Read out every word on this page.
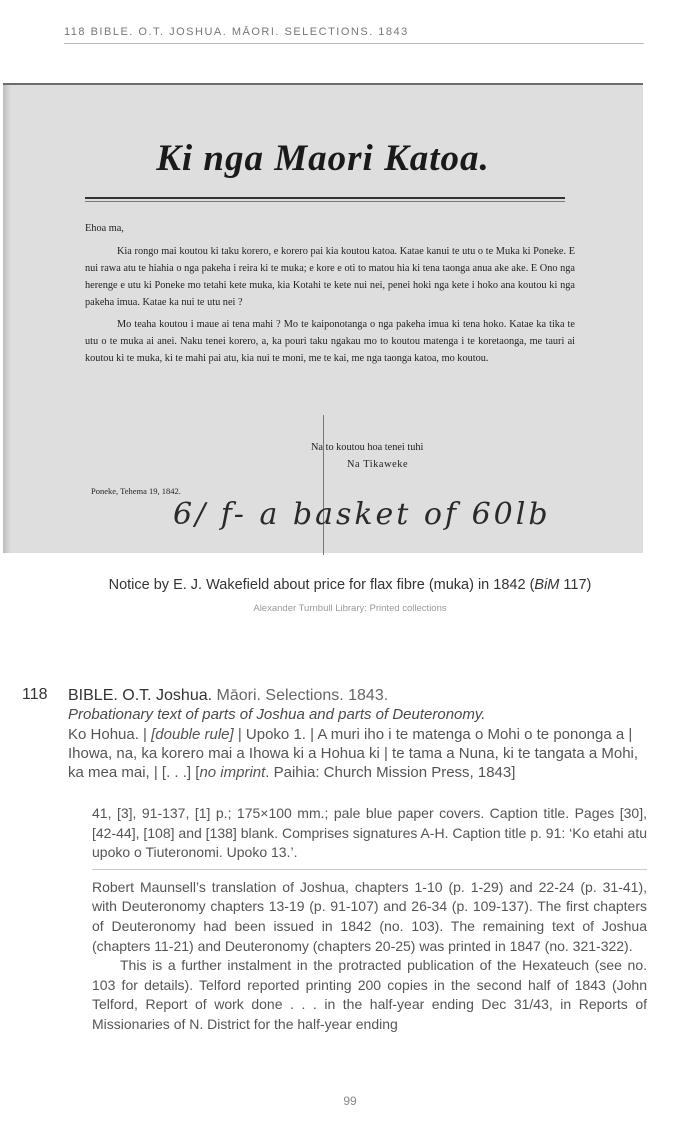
118 BIBLE. O.T. JOSHUA. MĀORI. SELECTIONS. 1843
Ki nga Maori Katoa.

Ehoa ma,

Kia rongo mai koutou ki taku korero, e korero pai kia koutou katoa. Katae kanui te utu o te Muka ki Poneke. E nui rawa atu te hiahia o nga pakeha i reira ki te muka; e kore e oti to matou hia ki tena taonga anua ake ake. E Ono nga herenge e utu ki Poneke mo tetahi kete muka, kia Kotahi te kete nui nei, penei hoki nga kete i hoko ana koutou ki nga pakeha imua. Katae ka nui te utu nei ?

Mo teaha koutou i mauе ai tena mahi ? Mo te kaiponotanga o nga pakeha imua ki tena hoko. Katae ka tika te utu o te muka ai anei. Naku tenei korero, a, ka pouri taku ngakau mo to koutou matenga i te koretaonga, me tauri ai koutou ki te muka, ki te mahi pai atu, kia nui te moni, me te kai, me nga taonga katoa, mo koutou.

Na to koutou hoa tenei tuhi
Na Tikaweke
Poneke, Tehema 19, 1842.
6/ f- a basket of 60lb
Notice by E. J. Wakefield about price for flax fibre (muka) in 1842 (BiM 117)
Alexander Turnbull Library: Printed collections
118 BIBLE. O.T. Joshua. Māori. Selections. 1843.
Probationary text of parts of Joshua and parts of Deuteronomy.
Ko Hohua. | [double rule] | Upoko 1. | A muri iho i te matenga o Mohi o te pononga a | Ihowa, na, ka korero mai a Ihowa ki a Hohua ki | te tama a Nuna, ki te tangata a Mohi, ka mea mai, | [. . .] [no imprint. Paihia: Church Mission Press, 1843]

41, [3], 91-137, [1] p.; 175×100 mm.; pale blue paper covers. Caption title. Pages [30], [42-44], [108] and [138] blank. Comprises signatures A-H. Caption title p. 91: ‘Ko etahi atu upoko o Tiuteronomi. Upoko 13.’.

Robert Maunsell’s translation of Joshua, chapters 1-10 (p. 1-29) and 22-24 (p. 31-41), with Deuteronomy chapters 13-19 (p. 91-107) and 26-34 (p. 109-137). The first chapters of Deuteronomy had been issued in 1842 (no. 103). The remaining text of Joshua (chapters 11-21) and Deuteronomy (chapters 20-25) was printed in 1847 (no. 321-322).

This is a further instalment in the protracted publication of the Hexateuch (see no. 103 for details). Telford reported printing 200 copies in the second half of 1843 (John Telford, Report of work done . . . in the half-year ending Dec 31/43, in Reports of Missionaries of N. District for the half-year ending

99
